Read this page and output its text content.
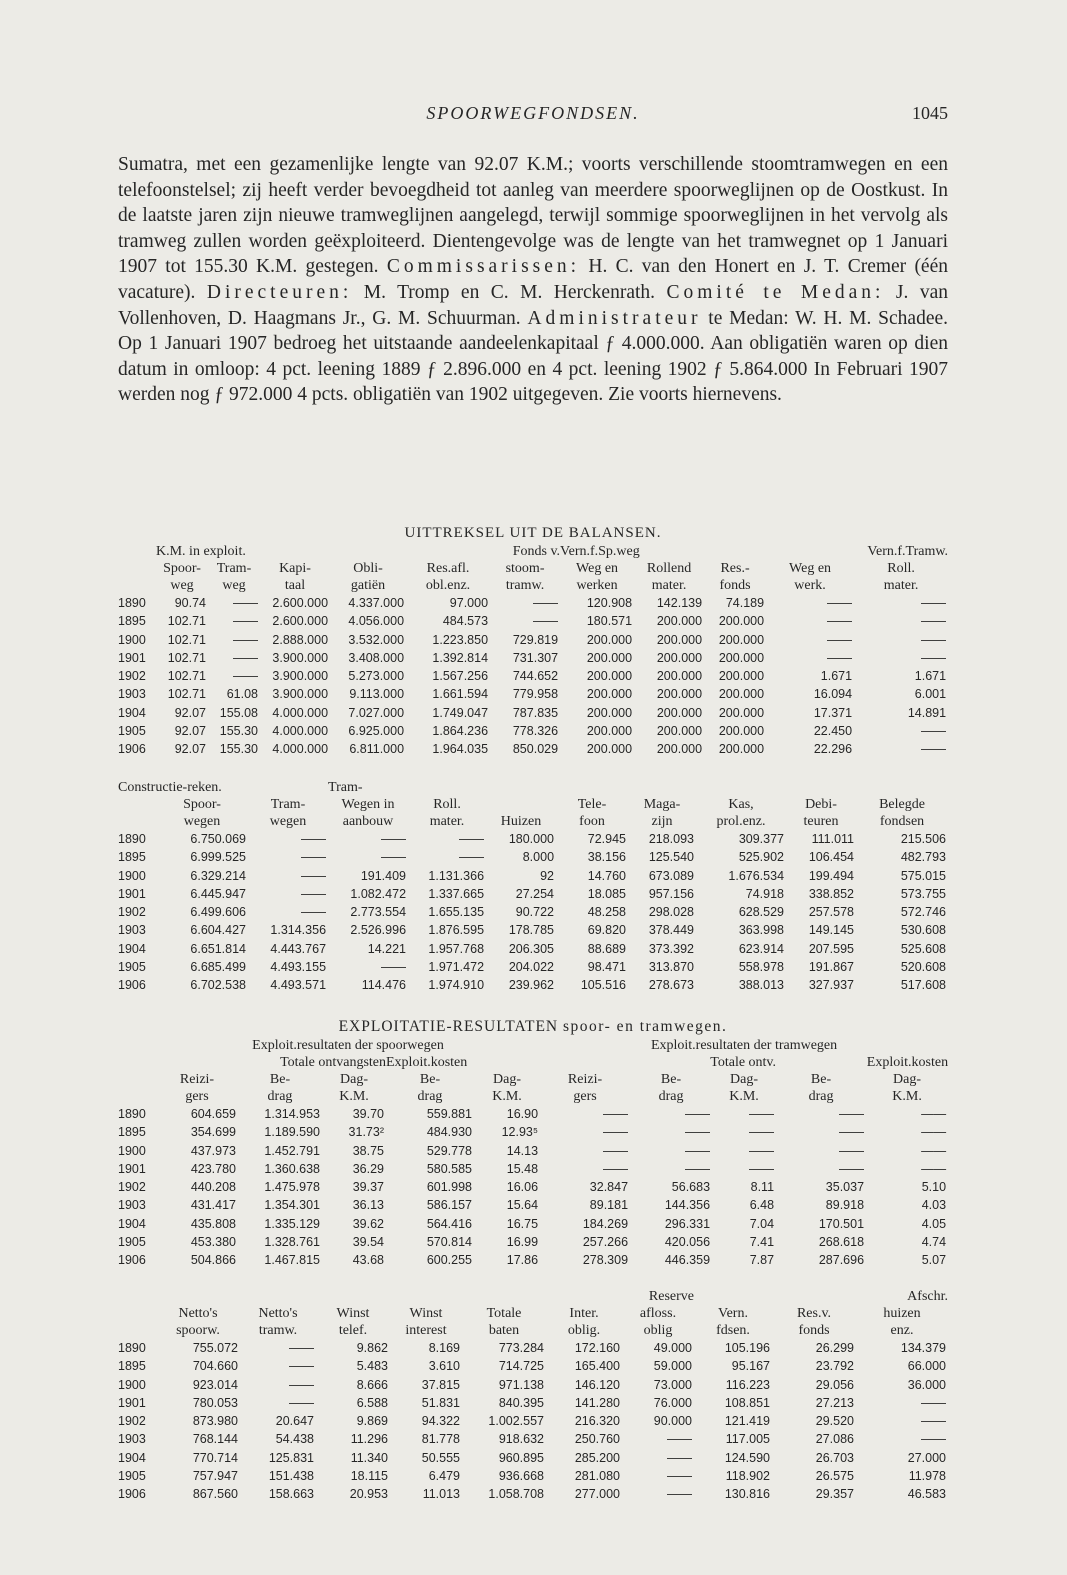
SPOORWEGFONDSEN.	1045

Sumatra, met een gezamenlijke lengte van 92.07 K.M.; voorts verschillende stoomtramwegen en een telefoonstelsel; zij heeft verder bevoegdheid tot aanleg van meerdere spoorweglijnen op de Oostkust. In de laatste jaren zijn nieuwe tramweglijnen aangelegd, terwijl sommige spoorweglijnen in het vervolg als tramweg zullen worden geëxploiteerd. Dientengevolge was de lengte van het tramwegnet op 1 Januari 1907 tot 155.30 K.M. gestegen. Commissarissen: H. C. van den Honert en J. T. Cremer (één vacature). Directeuren: M. Tromp en C. M. Herckenrath. Comité te Medan: J. van Vollenhoven, D. Haagmans Jr., G. M. Schuurman. Administrateur te Medan: W. H. M. Schadee. Op 1 Januari 1907 bedroeg het uitstaande aandeelenkapitaal ƒ 4.000.000. Aan obligatiën waren op dien datum in omloop: 4 pct. leening 1889 ƒ 2.896.000 en 4 pct. leening 1902 ƒ 5.864.000 In Februari 1907 werden nog ƒ 972.000 4 pcts. obligatiën van 1902 uitgegeven. Zie voorts hiernevens.

UITTREKSEL UIT DE BALANSEN.
	K.M. in exploit.				Fonds v.		Vern.f.Sp.weg			Vern.f.Tramw.	
	Spoor-	Tram-	Kapi-	Obli-	Res.afl.	stoom-	Weg en	Rollend	Res.-	Weg en	Roll.
	weg	weg	taal	gatiën	obl.enz.	tramw.	werken	mater.	fonds	werk.	mater.
1890	90.74	——	2.600.000	4.337.000	97.000	——	120.908	142.139	74.189	——	——
1895	102.71	——	2.600.000	4.056.000	484.573	——	180.571	200.000	200.000	——	——
1900	102.71	——	2.888.000	3.532.000	1.223.850	729.819	200.000	200.000	200.000	——	——
1901	102.71	——	3.900.000	3.408.000	1.392.814	731.307	200.000	200.000	200.000	——	——
1902	102.71	——	3.900.000	5.273.000	1.567.256	744.652	200.000	200.000	200.000	1.671	1.671
1903	102.71	61.08	3.900.000	9.113.000	1.661.594	779.958	200.000	200.000	200.000	16.094	6.001
1904	92.07	155.08	4.000.000	7.027.000	1.749.047	787.835	200.000	200.000	200.000	17.371	14.891
1905	92.07	155.30	4.000.000	6.925.000	1.864.236	778.326	200.000	200.000	200.000	22.450	——
1906	92.07	155.30	4.000.000	6.811.000	1.964.035	850.029	200.000	200.000	200.000	22.296	——
Constructie-reken.			Tram-							
	Spoor-	Tram-	Wegen in	Roll.		Tele-	Maga-	Kas,	Debi-	Belegde
	wegen	wegen	aanbouw	mater.	Huizen	foon	zijn	prol.enz.	teuren	fondsen
1890	6.750.069	——	——	——	180.000	72.945	218.093	309.377	111.011	215.506
1895	6.999.525	——	——	——	8.000	38.156	125.540	525.902	106.454	482.793
1900	6.329.214	——	191.409	1.131.366	92	14.760	673.089	1.676.534	199.494	575.015
1901	6.445.947	——	1.082.472	1.337.665	27.254	18.085	957.156	74.918	338.852	573.755
1902	6.499.606	——	2.773.554	1.655.135	90.722	48.258	298.028	628.529	257.578	572.746
1903	6.604.427	1.314.356	2.526.996	1.876.595	178.785	69.820	378.449	363.998	149.145	530.608
1904	6.651.814	4.443.767	14.221	1.957.768	206.305	88.689	373.392	623.914	207.595	525.608
1905	6.685.499	4.493.155	——	1.971.472	204.022	98.471	313.870	558.978	191.867	520.608
1906	6.702.538	4.493.571	114.476	1.974.910	239.962	105.516	278.673	388.013	327.937	517.608
EXPLOITATIE-RESULTATEN spoor- en tramwegen.
	Exploit.resultaten der spoorwegen					Exploit.resultaten der tramwegen				
	Totale ontvangsten			Exploit.kosten			Totale ontv.		Exploit.kosten	
	Reizi-	Be-	Dag-	Be-	Dag-	Reizi-	Be-	Dag-	Be-	Dag-
	gers	drag	K.M.	drag	K.M.	gers	drag	K.M.	drag	K.M.
1890	604.659	1.314.953	39.70	559.881	16.90	——	——	——	——	——
1895	354.699	1.189.590	31.73²	484.930	12.93⁵	——	——	——	——	——
1900	437.973	1.452.791	38.75	529.778	14.13	——	——	——	——	——
1901	423.780	1.360.638	36.29	580.585	15.48	——	——	——	——	——
1902	440.208	1.475.978	39.37	601.998	16.06	32.847	56.683	8.11	35.037	5.10
1903	431.417	1.354.301	36.13	586.157	15.64	89.181	144.356	6.48	89.918	4.03
1904	435.808	1.335.129	39.62	564.416	16.75	184.269	296.331	7.04	170.501	4.05
1905	453.380	1.328.761	39.54	570.814	16.99	257.266	420.056	7.41	268.618	4.74
1906	504.866	1.467.815	43.68	600.255	17.86	278.309	446.359	7.87	287.696	5.07
						Reserve				Afschr.
	Netto's	Netto's	Winst	Winst	Totale	Inter.	afloss.	Vern.	Res.v.	huizen
	spoorw.	tramw.	telef.	interest	baten	oblig.	oblig	fdsen.	fonds	enz.
1890	755.072	——	9.862	8.169	773.284	172.160	49.000	105.196	26.299	134.379
1895	704.660	——	5.483	3.610	714.725	165.400	59.000	95.167	23.792	66.000
1900	923.014	——	8.666	37.815	971.138	146.120	73.000	116.223	29.056	36.000
1901	780.053	——	6.588	51.831	840.395	141.280	76.000	108.851	27.213	——
1902	873.980	20.647	9.869	94.322	1.002.557	216.320	90.000	121.419	29.520	——
1903	768.144	54.438	11.296	81.778	918.632	250.760	——	117.005	27.086	——
1904	770.714	125.831	11.340	50.555	960.895	285.200	——	124.590	26.703	27.000
1905	757.947	151.438	18.115	6.479	936.668	281.080	——	118.902	26.575	11.978
1906	867.560	158.663	20.953	11.013	1.058.708	277.000	——	130.816	29.357	46.583
